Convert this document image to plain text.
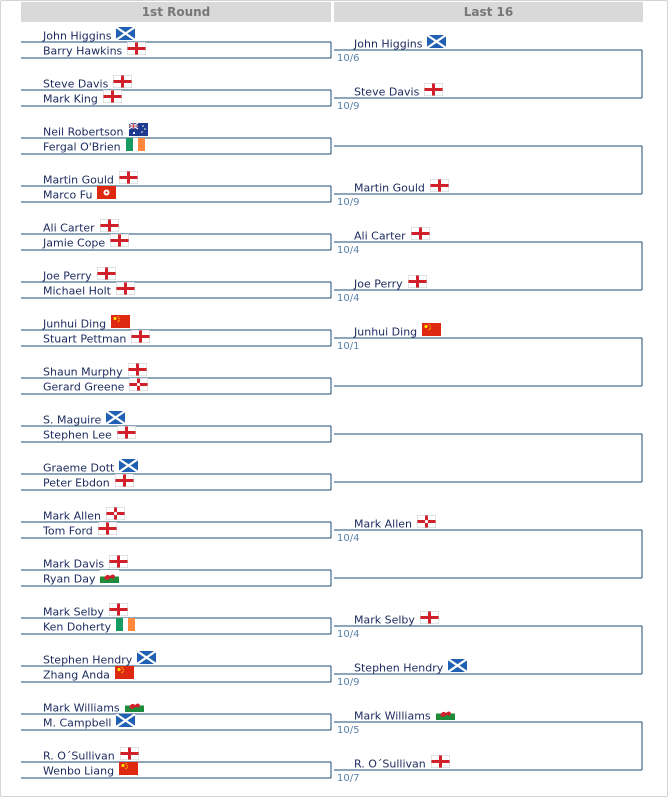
1st Round	Last 16
John Higgins
Barry Hawkins
Steve Davis
Mark King
Neil Robertson
Fergal O'Brien
Martin Gould
Marco Fu
Ali Carter
Jamie Cope
Joe Perry
Michael Holt
Junhui Ding
Stuart Pettman
Shaun Murphy
Gerard Greene
S. Maguire
Stephen Lee
Graeme Dott
Peter Ebdon
Mark Allen
Tom Ford
Mark Davis
Ryan Day
Mark Selby
Ken Doherty
Stephen Hendry
Zhang Anda
Mark Williams
M. Campbell
R. O´Sullivan
Wenbo Liang
John Higgins
10/6
Steve Davis
10/9
Martin Gould
10/9
Ali Carter
10/4
Joe Perry
10/4
Junhui Ding
10/1
Mark Allen
10/4
Mark Selby
10/4
Stephen Hendry
10/9
Mark Williams
10/5
R. O´Sullivan
10/7
